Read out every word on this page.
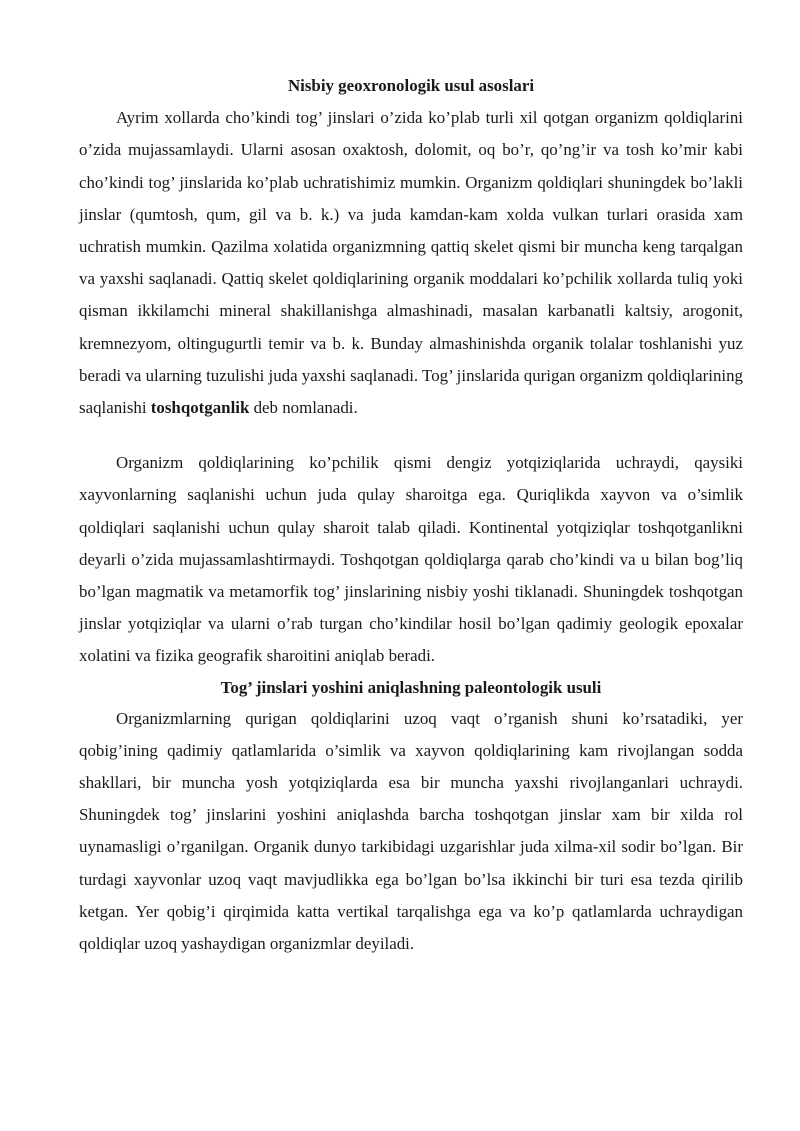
Nisbiy geoxronologik usul asoslari

Ayrim xollarda cho’kindi tog’ jinslari o’zida ko’plab turli xil qotgan organizm qoldiqlarini o’zida mujassamlaydi. Ularni asosan oxaktosh, dolomit, oq bo’r, qo’ng’ir va tosh ko’mir kabi cho’kindi tog’ jinslarida ko’plab uchratishimiz mumkin. Organizm qoldiqlari shuningdek bo’lakli jinslar (qumtosh, qum, gil va b. k.) va juda kamdan-kam xolda vulkan turlari orasida xam uchratish mumkin. Qazilma xolatida organizmning qattiq skelet qismi bir muncha keng tarqalgan va yaxshi saqlanadi. Qattiq skelet qoldiqlarining organik moddalari ko’pchilik xollarda tuliq yoki qisman ikkilamchi mineral shakillanishga almashinadi, masalan karbanatli kaltsiy, arogonit, kremnezyom, oltingugurtli temir va b. k. Bunday almashinishda organik tolalar toshlanishi yuz beradi va ularning tuzulishi juda yaxshi saqlanadi. Tog’ jinslarida qurigan organizm qoldiqlarining saqlanishi toshqotganlik deb nomlanadi.

Organizm qoldiqlarining ko’pchilik qismi dengiz yotqiziqlarida uchraydi, qaysiki xayvonlarning saqlanishi uchun juda qulay sharoitga ega. Quriqlikda xayvon va o’simlik qoldiqlari saqlanishi uchun qulay sharoit talab qiladi. Kontinental yotqiziqlar toshqotganlikni deyarli o’zida mujassamlashtirmaydi. Toshqotgan qoldiqlarga qarab cho’kindi va u bilan bog’liq bo’lgan magmatik va metamorfik tog’ jinslarining nisbiy yoshi tiklanadi. Shuningdek toshqotgan jinslar yotqiziqlar va ularni o’rab turgan cho’kindilar hosil bo’lgan qadimiy geologik epoxalar xolatini va fizika geografik sharoitini aniqlab beradi.

Tog’ jinslari yoshini aniqlashning paleontologik usuli

Organizmlarning qurigan qoldiqlarini uzoq vaqt o’rganish shuni ko’rsatadiki, yer qobig’ining qadimiy qatlamlarida o’simlik va xayvon qoldiqlarining kam rivojlangan sodda shakllari, bir muncha yosh yotqiziqlarda esa bir muncha yaxshi rivojlanganlari uchraydi. Shuningdek tog’ jinslarini yoshini aniqlashda barcha toshqotgan jinslar xam bir xilda rol uynamasligi o’rganilgan. Organik dunyo tarkibidagi uzgarishlar juda xilma-xil sodir bo’lgan. Bir turdagi xayvonlar uzoq vaqt mavjudlikka ega bo’lgan bo’lsa ikkinchi bir turi esa tezda qirilib ketgan. Yer qobig’i qirqimida katta vertikal tarqalishga ega va ko’p qatlamlarda uchraydigan qoldiqlar uzoq yashaydigan organizmlar deyiladi.
